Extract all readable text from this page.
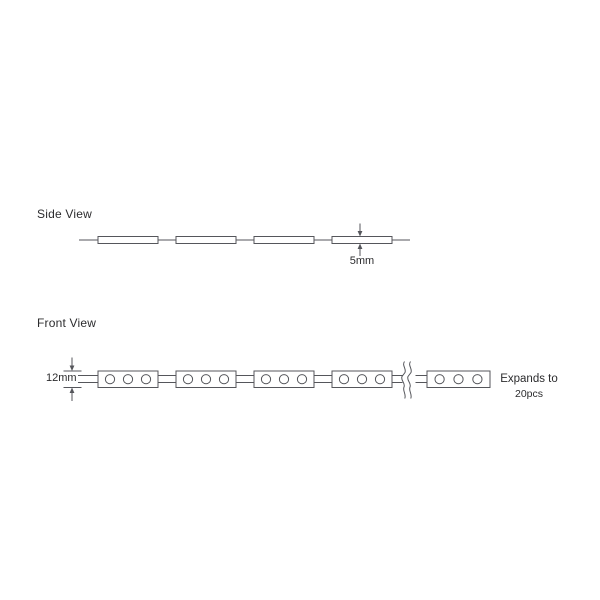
Side View
Front View
5mm
12mm	Expands to
20pcs
